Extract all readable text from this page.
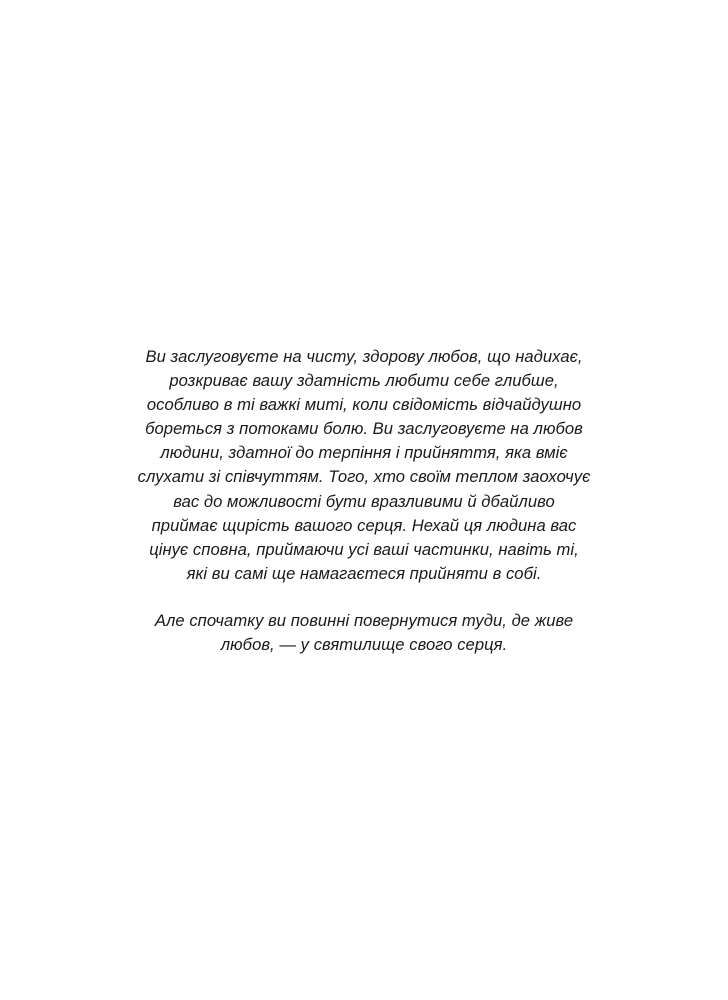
Ви заслуговуєте на чисту, здорову любов, що надихає,
розкриває вашу здатність любити себе глибше,
особливо в ті важкі миті, коли свідомість відчайдушно
бореться з потоками болю. Ви заслуговуєте на любов
людини, здатної до терпіння і прийняття, яка вміє
слухати зі співчуттям. Того, хто своїм теплом заохочує
вас до можливості бути вразливими й дбайливо
приймає щирість вашого серця. Нехай ця людина вас
цінує сповна, приймаючи усі ваші частинки, навіть ті,
які ви самі ще намагаєтеся прийняти в собі.
Але спочатку ви повинні повернутися туди, де живе
любов, — у святилище свого серця.
